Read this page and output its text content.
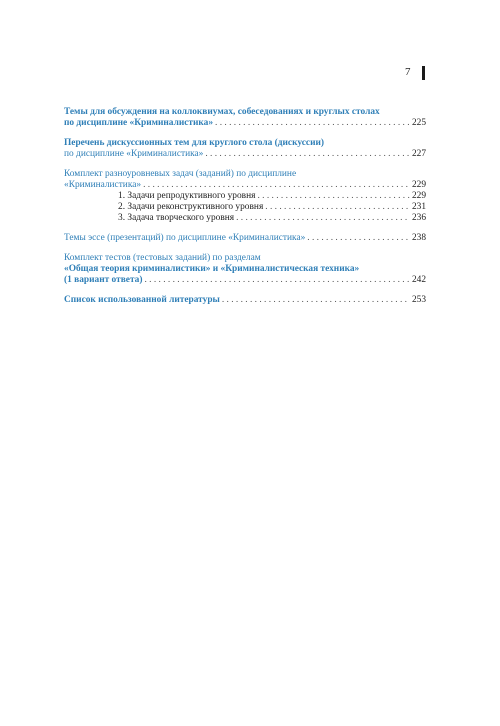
7
Темы для обсуждения на коллоквиумах, собеседованиях и круглых столах
по дисциплине «Криминалистика» . . .	225
Перечень дискуссионных тем для круглого стола (дискуссии)
по дисциплине «Криминалистика» . . .	227
Комплект разноуровневых задач (заданий) по дисциплине
«Криминалистика» . . .	229
1. Задачи репродуктивного уровня . . .	229
2. Задачи реконструктивного уровня . . .	231
3. Задача творческого уровня . . .	236
Темы эссе (презентаций) по дисциплине «Криминалистика» . . .	238
Комплект тестов (тестовых заданий) по разделам
«Общая теория криминалистики» и «Криминалистическая техника»
(1 вариант ответа) . . .	242
Список использованной литературы . . .	253
